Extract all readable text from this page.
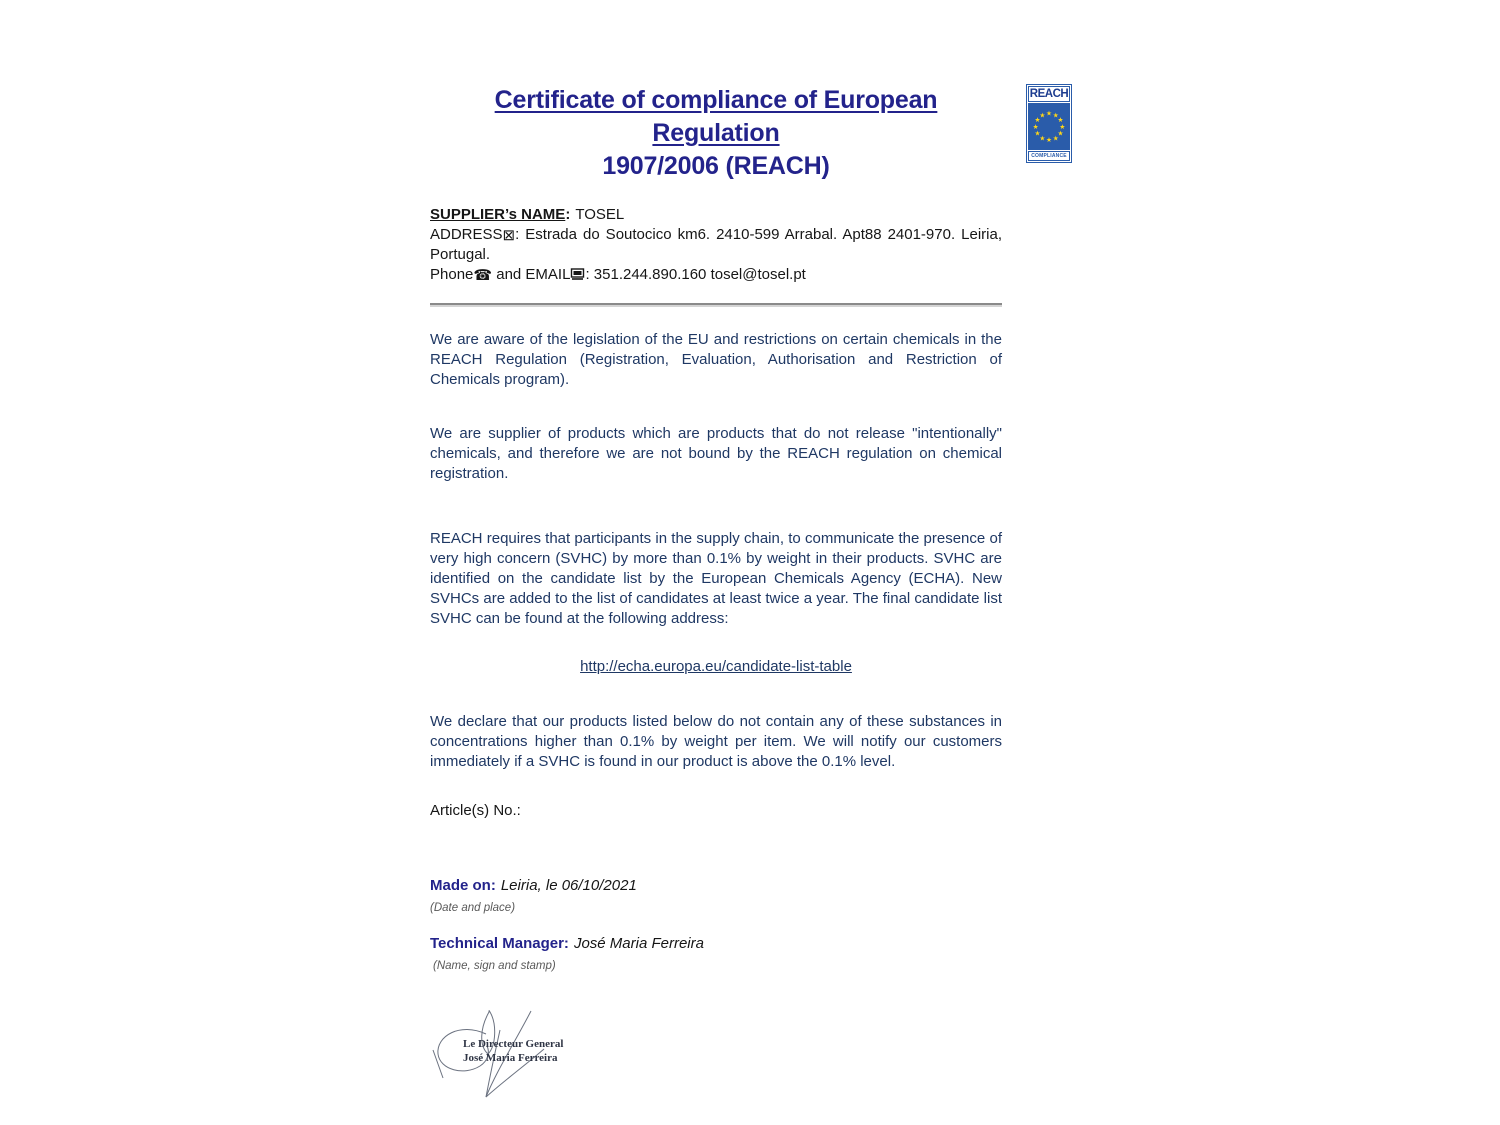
Certificate of compliance of European Regulation
1907/2006 (REACH)

SUPPLIER’s NAME: TOSEL

ADDRESS⊠: Estrada do Soutocico km6. 2410-599 Arrabal. Apt88 2401-970. Leiria, Portugal.

Phone☎ and EMAIL : 351.244.890.160 tosel@tosel.pt

We are aware of the legislation of the EU and restrictions on certain chemicals in the REACH Regulation (Registration, Evaluation, Authorisation and Restriction of Chemicals program).

We are supplier of products which are products that do not release "intentionally" chemicals, and therefore we are not bound by the REACH regulation on chemical registration.

REACH requires that participants in the supply chain, to communicate the presence of very high concern (SVHC) by more than 0.1% by weight in their products. SVHC are identified on the candidate list by the European Chemicals Agency (ECHA). New SVHCs are added to the list of candidates at least twice a year. The final candidate list SVHC can be found at the following address:

http://echa.europa.eu/candidate-list-table

We declare that our products listed below do not contain any of these substances in concentrations higher than 0.1% by weight per item. We will notify our customers immediately if a SVHC is found in our product is above the 0.1% level.

Article(s) No.:

Made on: Leiria, le 06/10/2021
(Date and place)
Technical Manager: José Maria Ferreira
(Name, sign and stamp)
Le Directeur General
José Maria Ferreira
REACH
★ ★
★
★
★
★
★
★
★
★
★
★
COMPLIANCE
